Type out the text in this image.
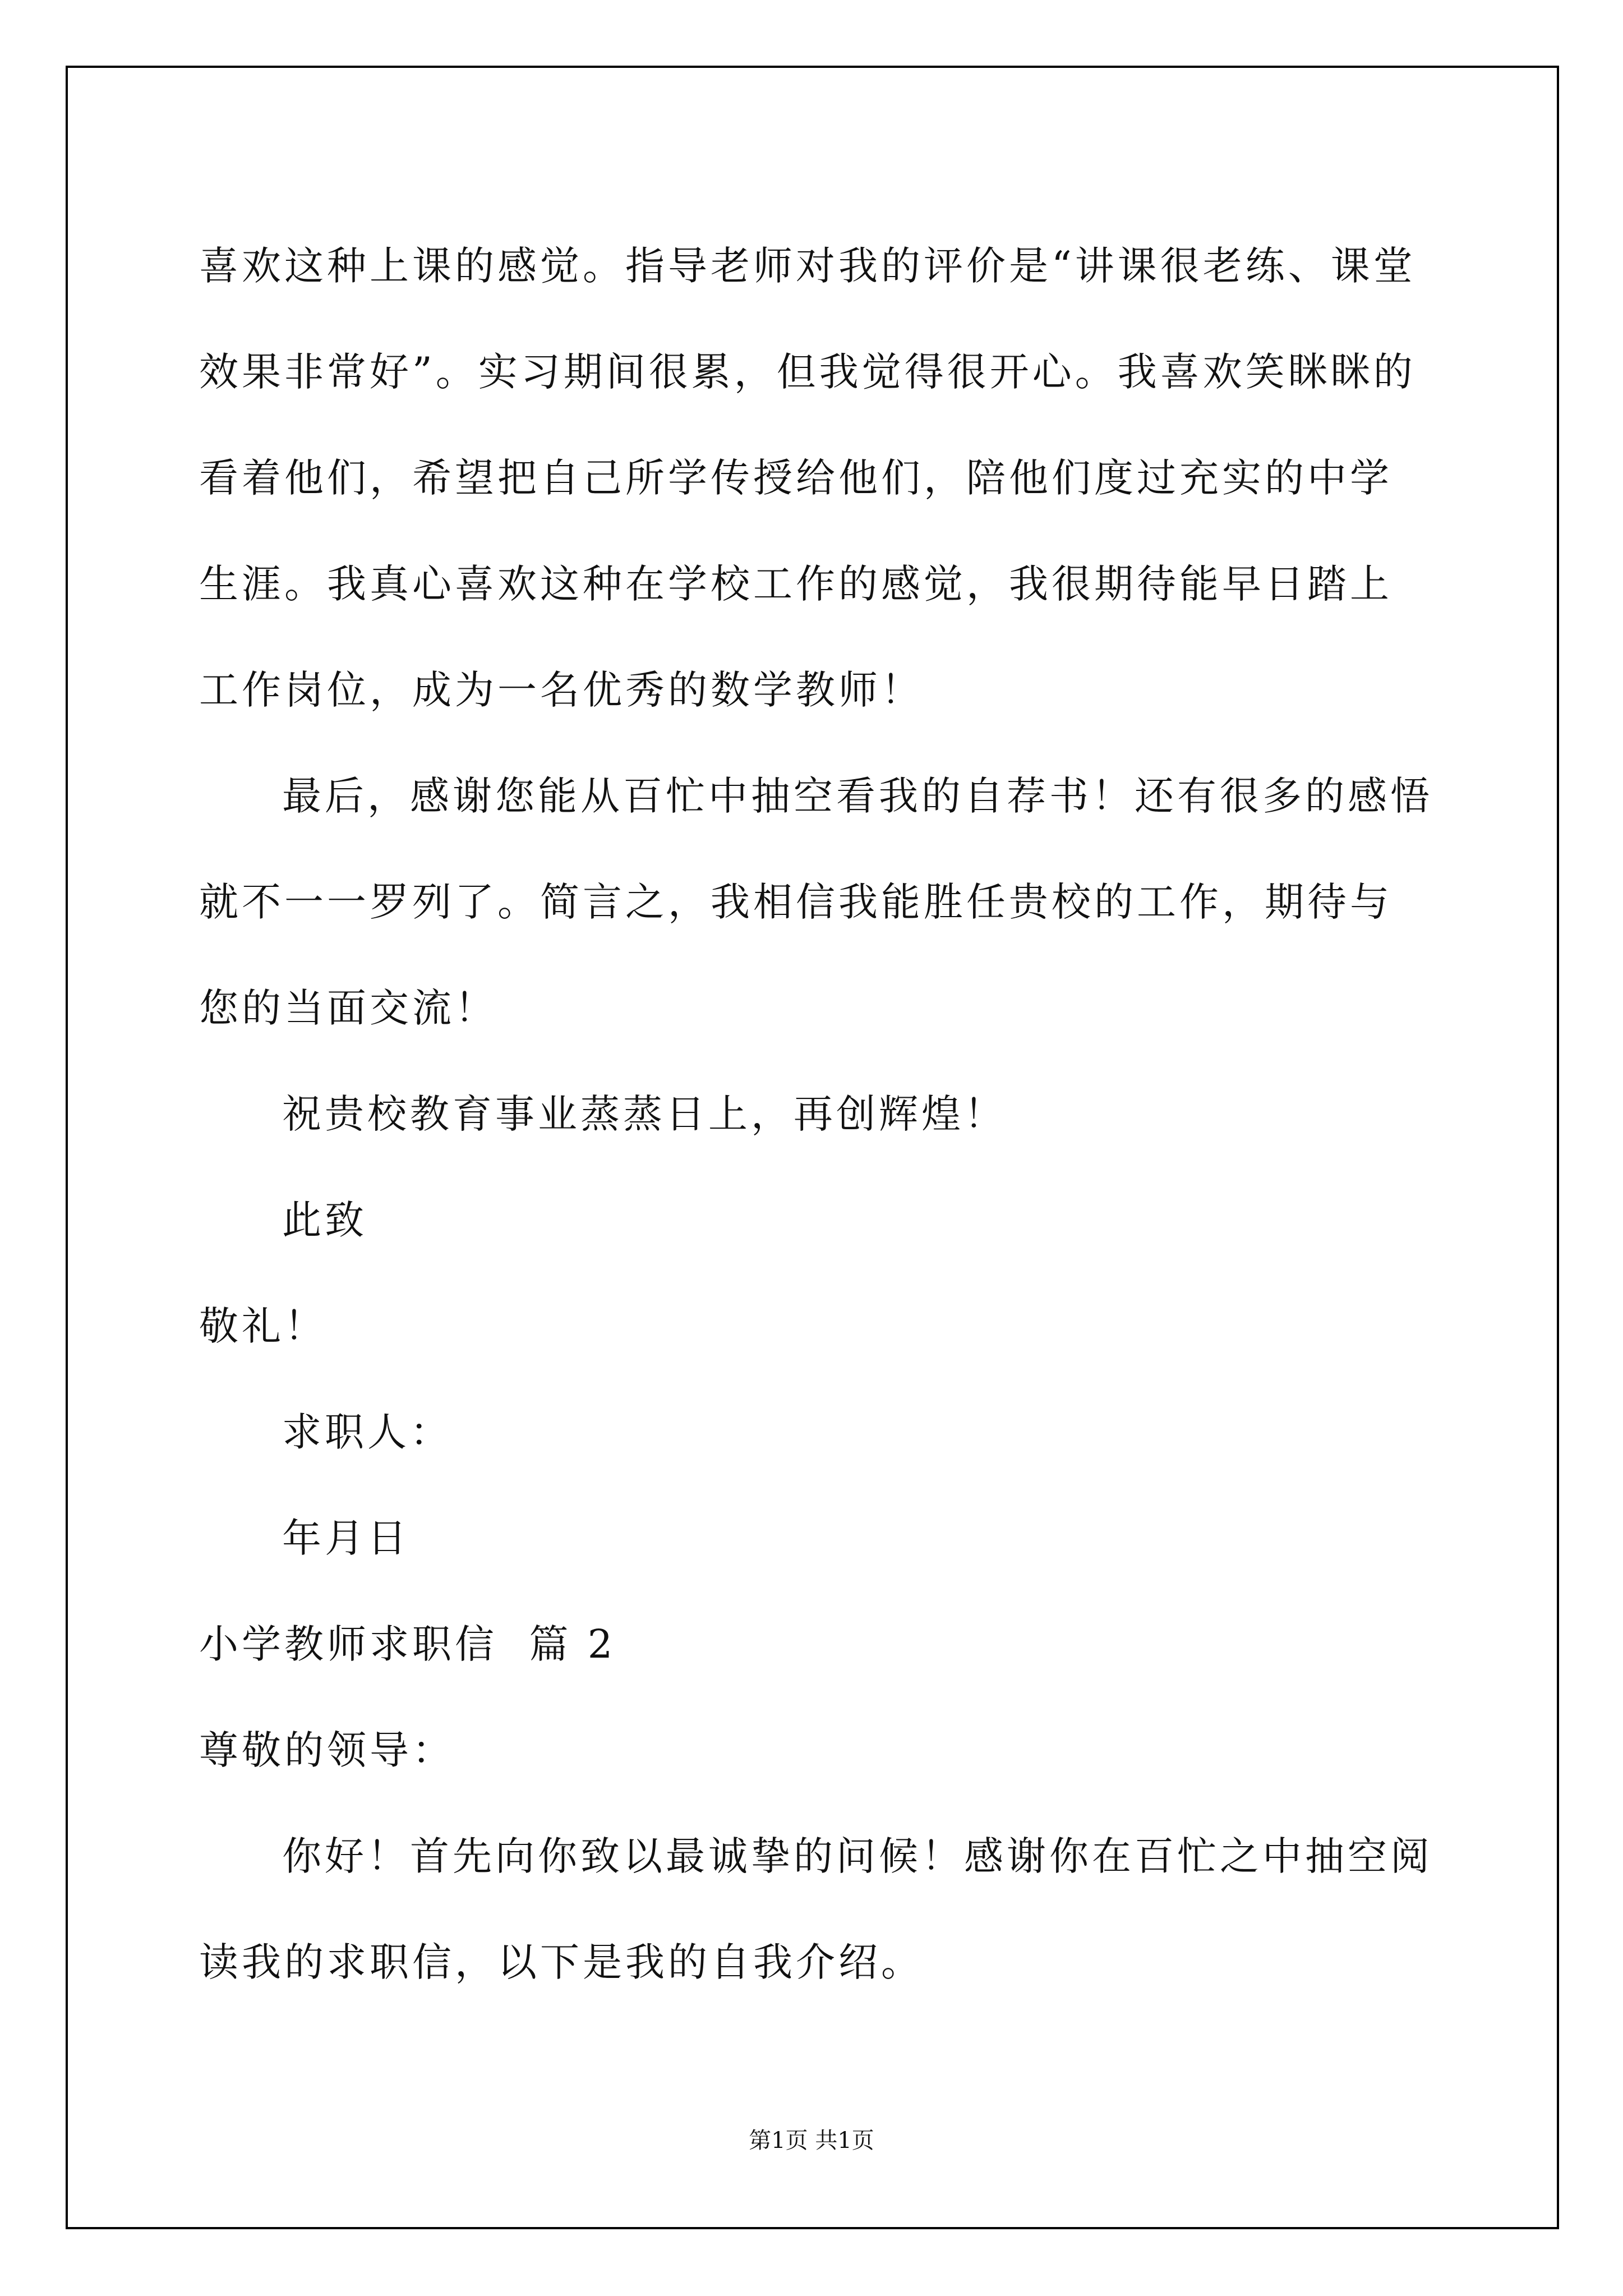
喜欢这种上课的感觉。指导老师对我的评价是“讲课很老练、课堂效果非常好”。实习期间很累，但我觉得很开心。我喜欢笑眯眯的看着他们，希望把自己所学传授给他们，陪他们度过充实的中学生涯。我真心喜欢这种在学校工作的感觉，我很期待能早日踏上工作岗位，成为一名优秀的数学教师！

最后，感谢您能从百忙中抽空看我的自荐书！还有很多的感悟就不一一罗列了。简言之，我相信我能胜任贵校的工作，期待与您的当面交流！

祝贵校教育事业蒸蒸日上，再创辉煌！

此致

敬礼！

求职人：

年月日

小学教师求职信  篇 2

尊敬的领导：

你好！首先向你致以最诚挚的问候！感谢你在百忙之中抽空阅读我的求职信，以下是我的自我介绍。

第1页 共1页
